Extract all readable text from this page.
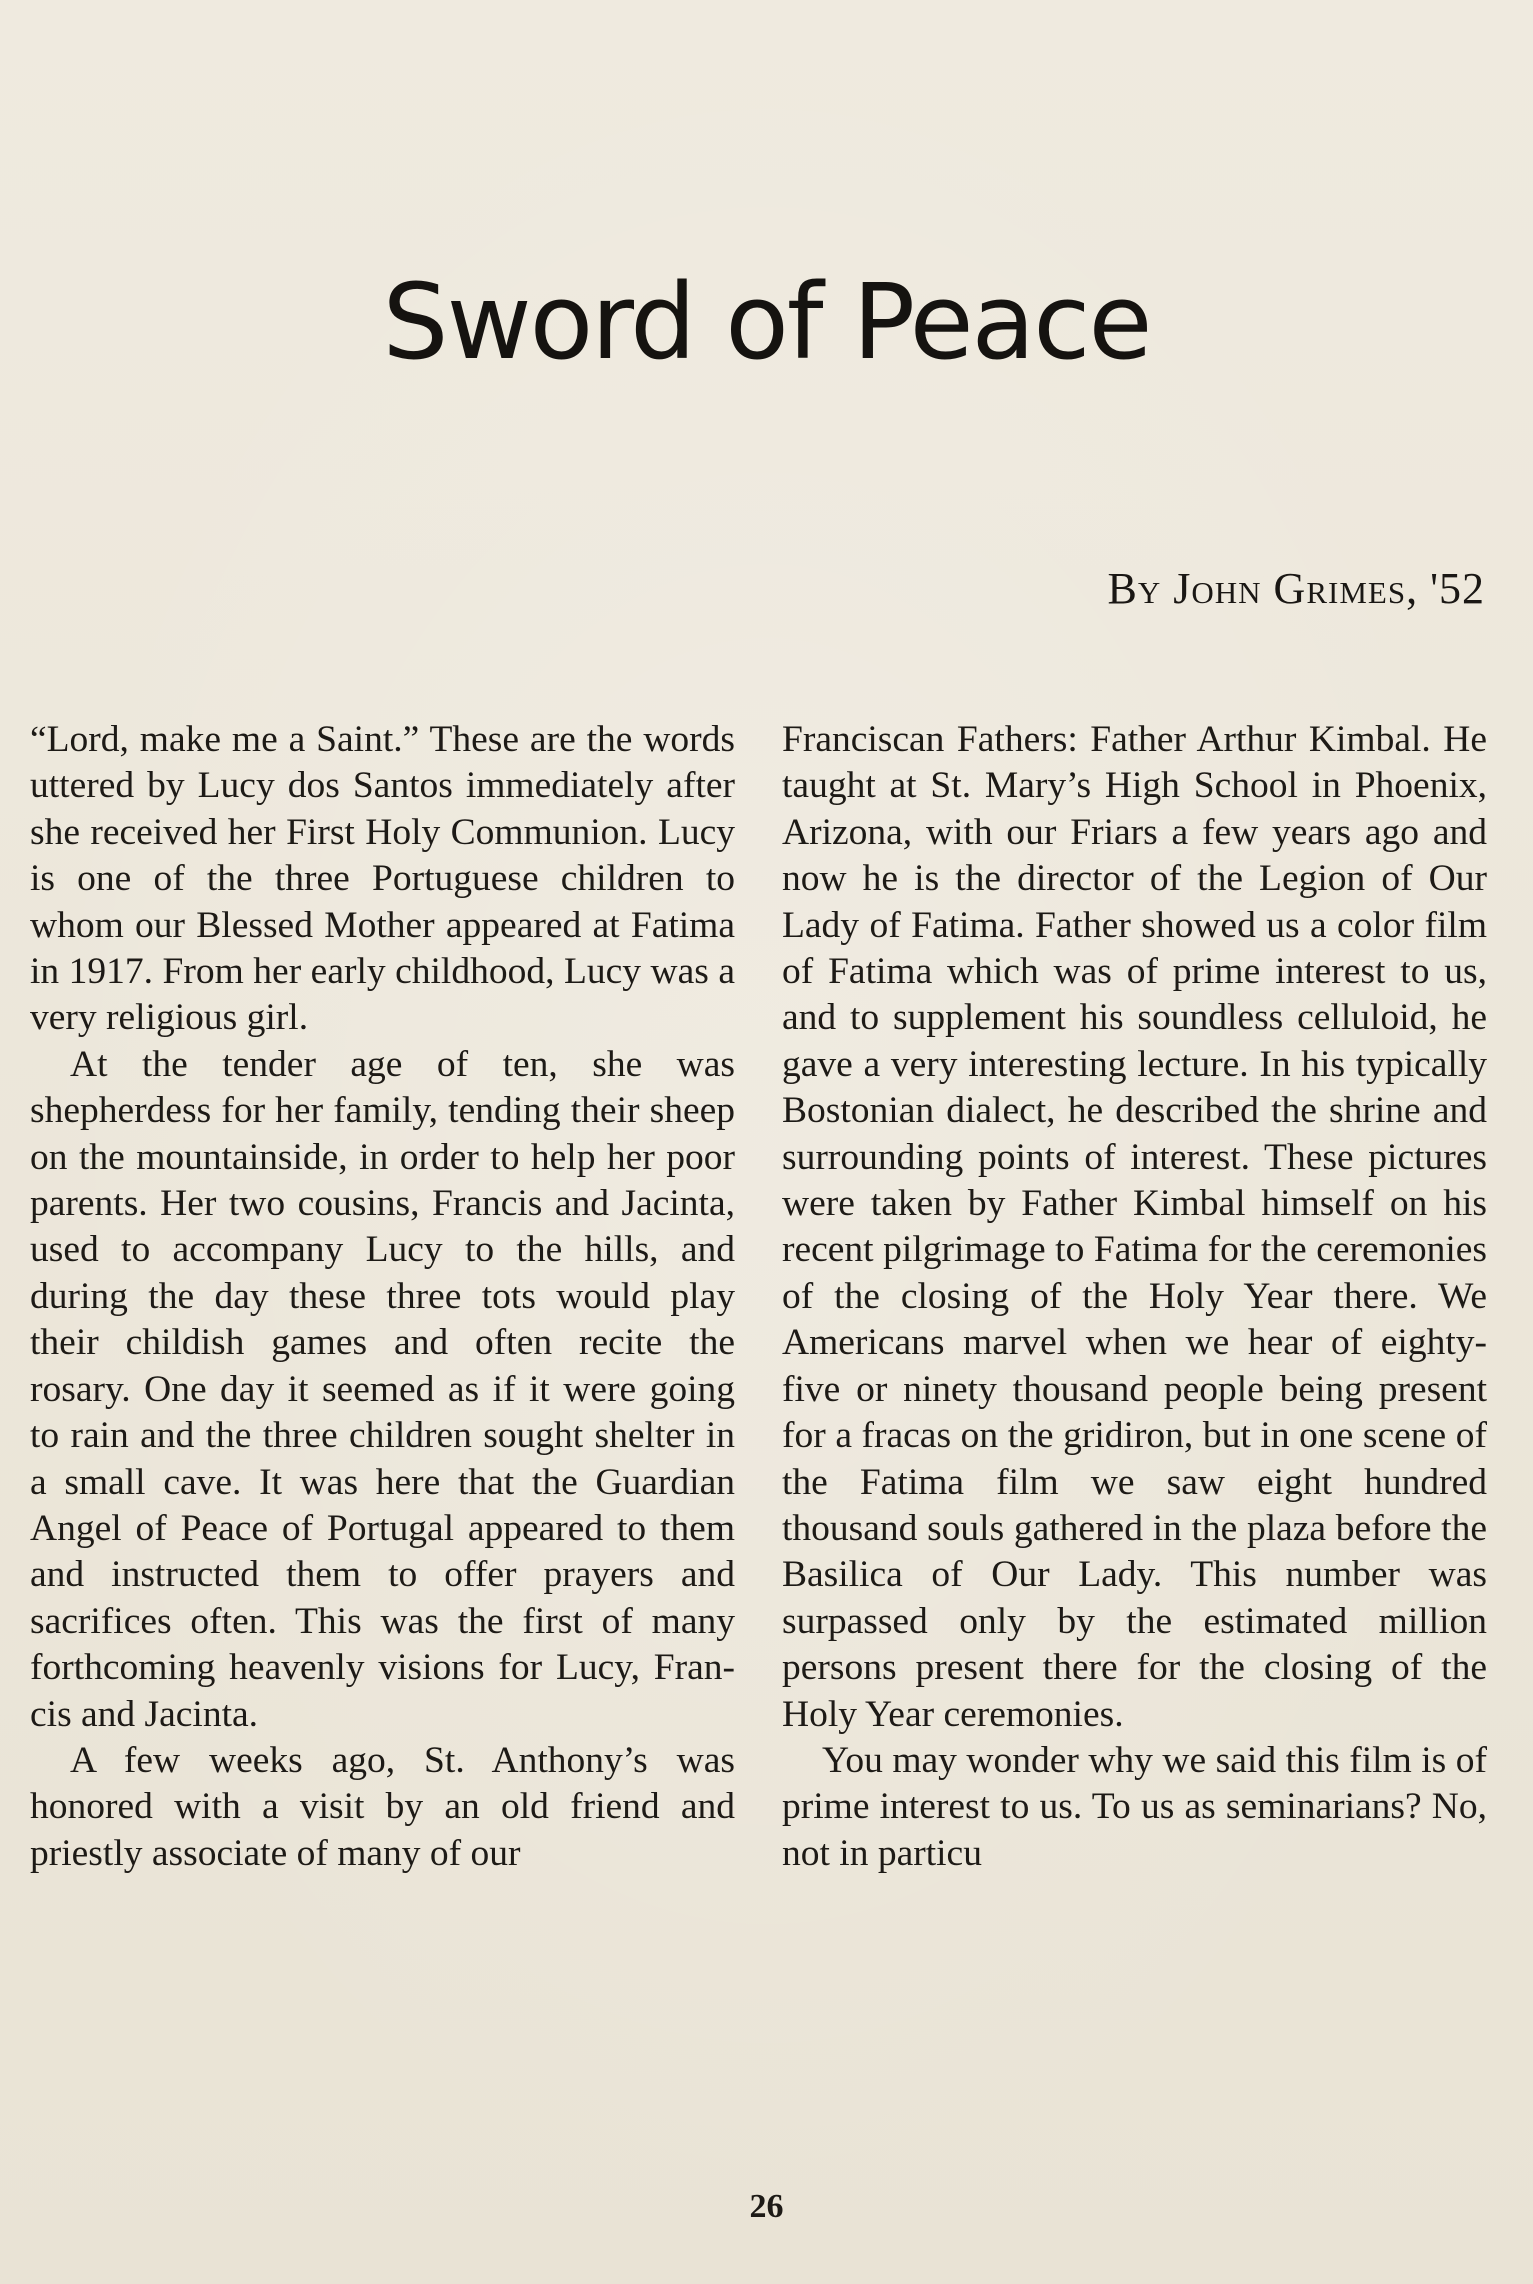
Sword of Peace
By John Grimes, '52

“Lord, make me a Saint.” These are the words uttered by Lucy dos Santos immediately after she received her First Holy Communion. Lucy is one of the three Portuguese children to whom our Blessed Mother appeared at Fatima in 1917. From her early childhood, Lucy was a very religious girl.

At the tender age of ten, she was shepherdess for her family, tending their sheep on the mountainside, in order to help her poor parents. Her two cousins, Francis and Jacinta, used to accompany Lucy to the hills, and during the day these three tots would play their childish games and often recite the rosary. One day it seemed as if it were going to rain and the three children sought shelter in a small cave. It was here that the Guardian Angel of Peace of Portugal appeared to them and instructed them to offer prayers and sacrifices often. This was the first of many forthcoming heavenly visions for Lucy, Francis and Jacinta.

A few weeks ago, St. Anthony’s was honored with a visit by an old friend and priestly associate of many of our

Franciscan Fathers: Father Arthur Kimbal. He taught at St. Mary’s High School in Phoenix, Arizona, with our Friars a few years ago and now he is the director of the Legion of Our Lady of Fatima. Father showed us a color film of Fatima which was of prime interest to us, and to supplement his soundless celluloid, he gave a very interesting lecture. In his typically Bostonian dialect, he described the shrine and surrounding points of interest. These pictures were taken by Father Kimbal himself on his recent pilgrimage to Fatima for the ceremonies of the closing of the Holy Year there. We Americans marvel when we hear of eighty-five or ninety thousand people being present for a fracas on the gridiron, but in one scene of the Fatima film we saw eight hundred thousand souls gathered in the plaza before the Basilica of Our Lady. This number was surpassed only by the estimated million persons present there for the closing of the Holy Year ceremonies.

You may wonder why we said this film is of prime interest to us. To us as seminarians? No, not in particu

26
